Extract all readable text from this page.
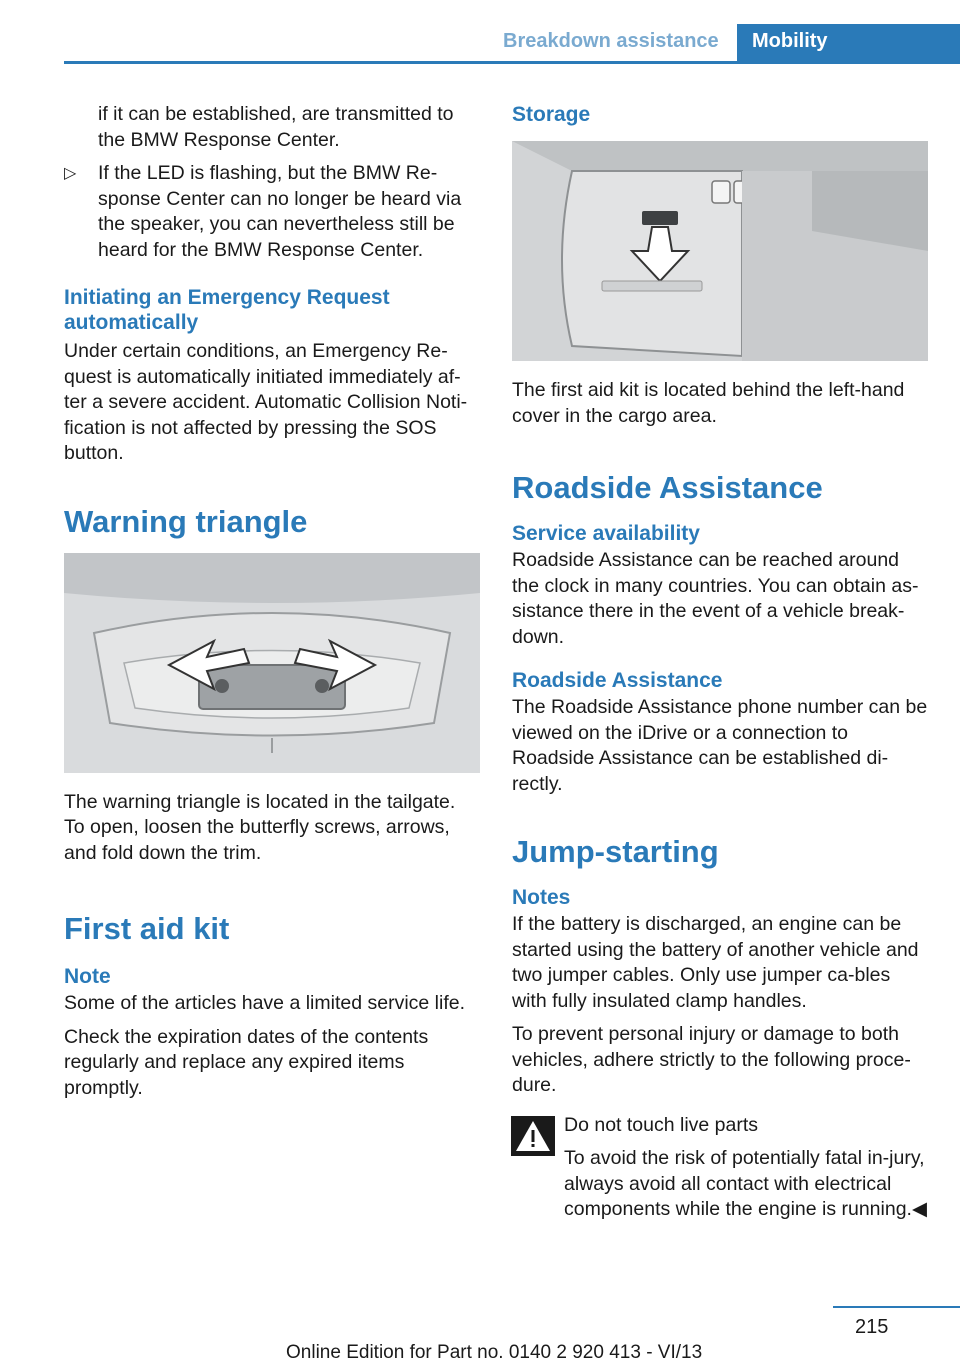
Breakdown assistance	Mobility

if it can be established, are transmitted to the BMW Response Center.

▷ If the LED is flashing, but the BMW Re‐sponse Center can no longer be heard via the speaker, you can nevertheless still be heard for the BMW Response Center.

Initiating an Emergency Request automatically

Under certain conditions, an Emergency Re‐quest is automatically initiated immediately af‐ter a severe accident. Automatic Collision Noti‐fication is not affected by pressing the SOS button.

Warning triangle

The warning triangle is located in the tailgate. To open, loosen the butterfly screws, arrows, and fold down the trim.

First aid kit
Note

Some of the articles have a limited service life.

Check the expiration dates of the contents regularly and replace any expired items promptly.

Storage

The first aid kit is located behind the left-hand cover in the cargo area.

Roadside Assistance
Service availability

Roadside Assistance can be reached around the clock in many countries. You can obtain as‐sistance there in the event of a vehicle break‐down.

Roadside Assistance

The Roadside Assistance phone number can be viewed on the iDrive or a connection to Roadside Assistance can be established di‐rectly.

Jump-starting
Notes

If the battery is discharged, an engine can be started using the battery of another vehicle and two jumper cables. Only use jumper ca‐bles with fully insulated clamp handles.

To prevent personal injury or damage to both vehicles, adhere strictly to the following proce‐dure.

Do not touch live parts

To avoid the risk of potentially fatal in‐jury, always avoid all contact with electrical components while the engine is running.◀

215
Online Edition for Part no. 0140 2 920 413 - VI/13
